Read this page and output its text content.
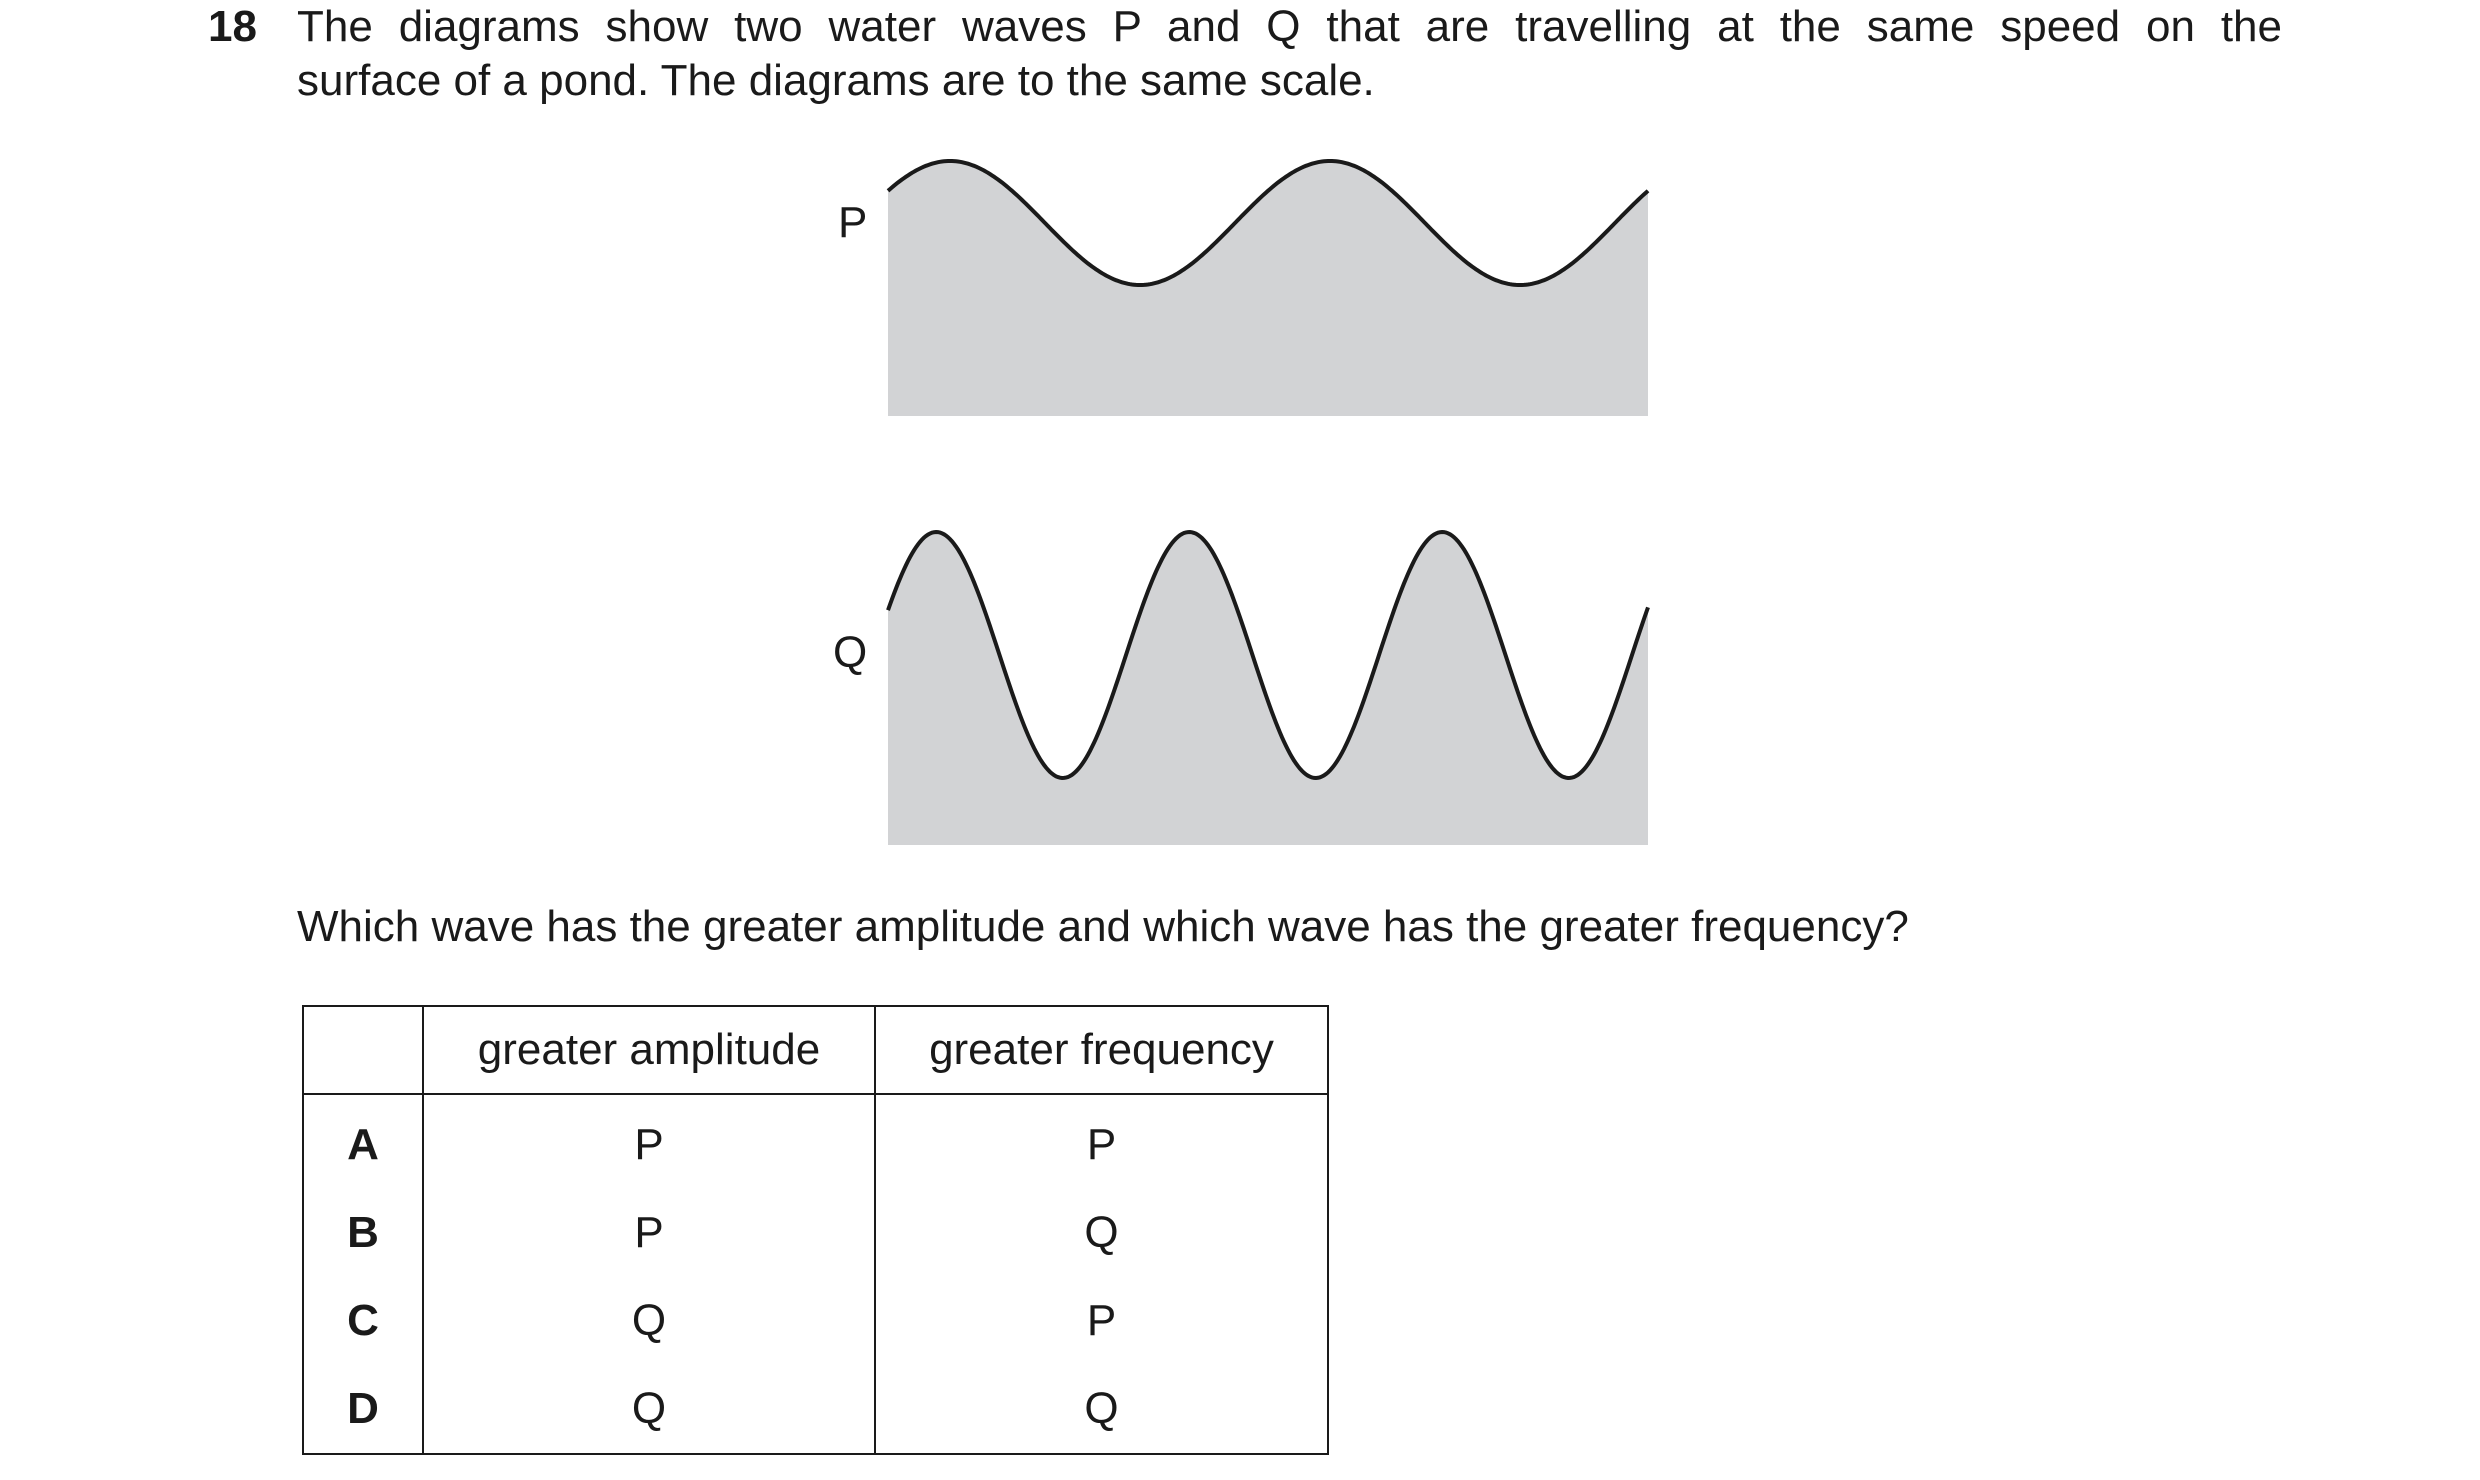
18 The diagrams show two water waves P and Q that are travelling at the same speed on the
surface of a pond. The diagrams are to the same scale.
P
Q
Which wave has the greater amplitude and which wave has the greater frequency?
	greater amplitude	greater frequency
A	P	P
B	P	Q
C	Q	P
D	Q	Q
